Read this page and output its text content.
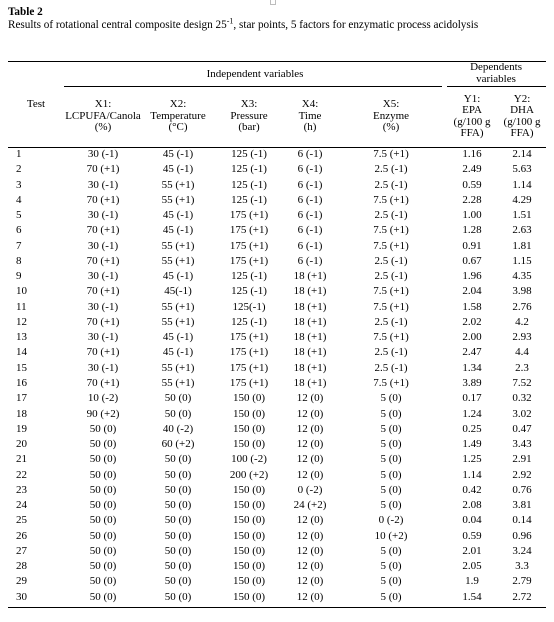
Table 2
Results of rotational central composite design $25^{-1}$, star points, 5 factors for enzymatic process acidolysis
Test	Independent variables					Dependents
variables	
	X1:
LCPUFA/Canola
(%)	X2:
Temperature
(°C)	X3:
Pressure
(bar)	X4:
Time
(h)	X5:
Enzyme
(%)	Y1:
EPA
(g/100 g
FFA)	Y2:
DHA
(g/100 g
FFA)
1	30 (-1)	45 (-1)	125 (-1)	6 (-1)	7.5 (+1)	1.16	2.14
2	70 (+1)	45 (-1)	125 (-1)	6 (-1)	2.5 (-1)	2.49	5.63
3	30 (-1)	55 (+1)	125 (-1)	6 (-1)	2.5 (-1)	0.59	1.14
4	70 (+1)	55 (+1)	125 (-1)	6 (-1)	7.5 (+1)	2.28	4.29
5	30 (-1)	45 (-1)	175 (+1)	6 (-1)	2.5 (-1)	1.00	1.51
6	70 (+1)	45 (-1)	175 (+1)	6 (-1)	7.5 (+1)	1.28	2.63
7	30 (-1)	55 (+1)	175 (+1)	6 (-1)	7.5 (+1)	0.91	1.81
8	70 (+1)	55 (+1)	175 (+1)	6 (-1)	2.5 (-1)	0.67	1.15
9	30 (-1)	45 (-1)	125 (-1)	18 (+1)	2.5 (-1)	1.96	4.35
10	70 (+1)	45(-1)	125 (-1)	18 (+1)	7.5 (+1)	2.04	3.98
11	30 (-1)	55 (+1)	125(-1)	18 (+1)	7.5 (+1)	1.58	2.76
12	70 (+1)	55 (+1)	125 (-1)	18 (+1)	2.5 (-1)	2.02	4.2
13	30 (-1)	45 (-1)	175 (+1)	18 (+1)	7.5 (+1)	2.00	2.93
14	70 (+1)	45 (-1)	175 (+1)	18 (+1)	2.5 (-1)	2.47	4.4
15	30 (-1)	55 (+1)	175 (+1)	18 (+1)	2.5 (-1)	1.34	2.3
16	70 (+1)	55 (+1)	175 (+1)	18 (+1)	7.5 (+1)	3.89	7.52
17	10 (-2)	50 (0)	150 (0)	12 (0)	5 (0)	0.17	0.32
18	90 (+2)	50 (0)	150 (0)	12 (0)	5 (0)	1.24	3.02
19	50 (0)	40 (-2)	150 (0)	12 (0)	5 (0)	0.25	0.47
20	50 (0)	60 (+2)	150 (0)	12 (0)	5 (0)	1.49	3.43
21	50 (0)	50 (0)	100 (-2)	12 (0)	5 (0)	1.25	2.91
22	50 (0)	50 (0)	200 (+2)	12 (0)	5 (0)	1.14	2.92
23	50 (0)	50 (0)	150 (0)	0 (-2)	5 (0)	0.42	0.76
24	50 (0)	50 (0)	150 (0)	24 (+2)	5 (0)	2.08	3.81
25	50 (0)	50 (0)	150 (0)	12 (0)	0 (-2)	0.04	0.14
26	50 (0)	50 (0)	150 (0)	12 (0)	10 (+2)	0.59	0.96
27	50 (0)	50 (0)	150 (0)	12 (0)	5 (0)	2.01	3.24
28	50 (0)	50 (0)	150 (0)	12 (0)	5 (0)	2.05	3.3
29	50 (0)	50 (0)	150 (0)	12 (0)	5 (0)	1.9	2.79
30	50 (0)	50 (0)	150 (0)	12 (0)	5 (0)	1.54	2.72
